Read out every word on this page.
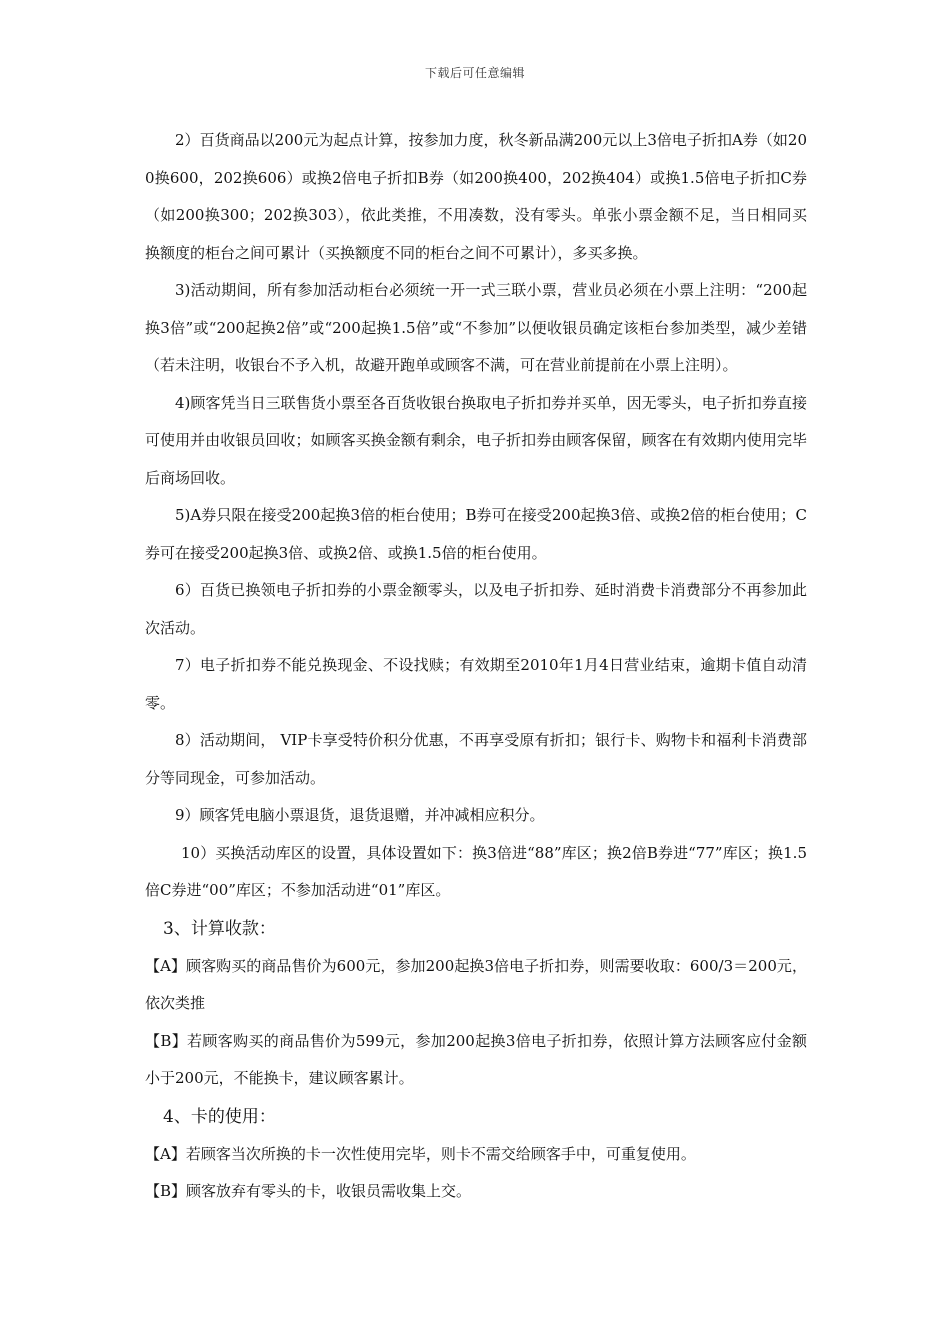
下载后可任意编辑

2）百货商品以200元为起点计算，按参加力度，秋冬新品满200元以上3倍电子折扣A券（如200换600，202换606）或换2倍电子折扣B券（如200换400，202换404）或换1.5倍电子折扣C券（如200换300；202换303），依此类推，不用凑数，没有零头。单张小票金额不足，当日相同买换额度的柜台之间可累计（买换额度不同的柜台之间不可累计），多买多换。

3)活动期间，所有参加活动柜台必须统一开一式三联小票，营业员必须在小票上注明：“200起换3倍”或“200起换2倍”或“200起换1.5倍”或“不参加”以便收银员确定该柜台参加类型，减少差错（若未注明，收银台不予入机，故避开跑单或顾客不满，可在营业前提前在小票上注明）。

4)顾客凭当日三联售货小票至各百货收银台换取电子折扣券并买单，因无零头，电子折扣券直接可使用并由收银员回收；如顾客买换金额有剩余，电子折扣券由顾客保留，顾客在有效期内使用完毕后商场回收。

5)A券只限在接受200起换3倍的柜台使用；B券可在接受200起换3倍、或换2倍的柜台使用；C券可在接受200起换3倍、或换2倍、或换1.5倍的柜台使用。

6）百货已换领电子折扣券的小票金额零头，以及电子折扣券、延时消费卡消费部分不再参加此次活动。

7）电子折扣券不能兑换现金、不设找赎；有效期至2010年1月4日营业结束，逾期卡值自动清零。

8）活动期间， VIP卡享受特价积分优惠，不再享受原有折扣；银行卡、购物卡和福利卡消费部分等同现金，可参加活动。

9）顾客凭电脑小票退货，退货退赠，并冲减相应积分。

10）买换活动库区的设置，具体设置如下：换3倍进“88”库区；换2倍B券进“77”库区；换1.5倍C券进“00”库区；不参加活动进“01”库区。

3、计算收款：

【A】顾客购买的商品售价为600元，参加200起换3倍电子折扣券，则需要收取：600/3＝200元，依次类推

【B】若顾客购买的商品售价为599元，参加200起换3倍电子折扣券，依照计算方法顾客应付金额小于200元，不能换卡，建议顾客累计。

4、卡的使用：

【A】若顾客当次所换的卡一次性使用完毕，则卡不需交给顾客手中，可重复使用。

【B】顾客放弃有零头的卡，收银员需收集上交。
